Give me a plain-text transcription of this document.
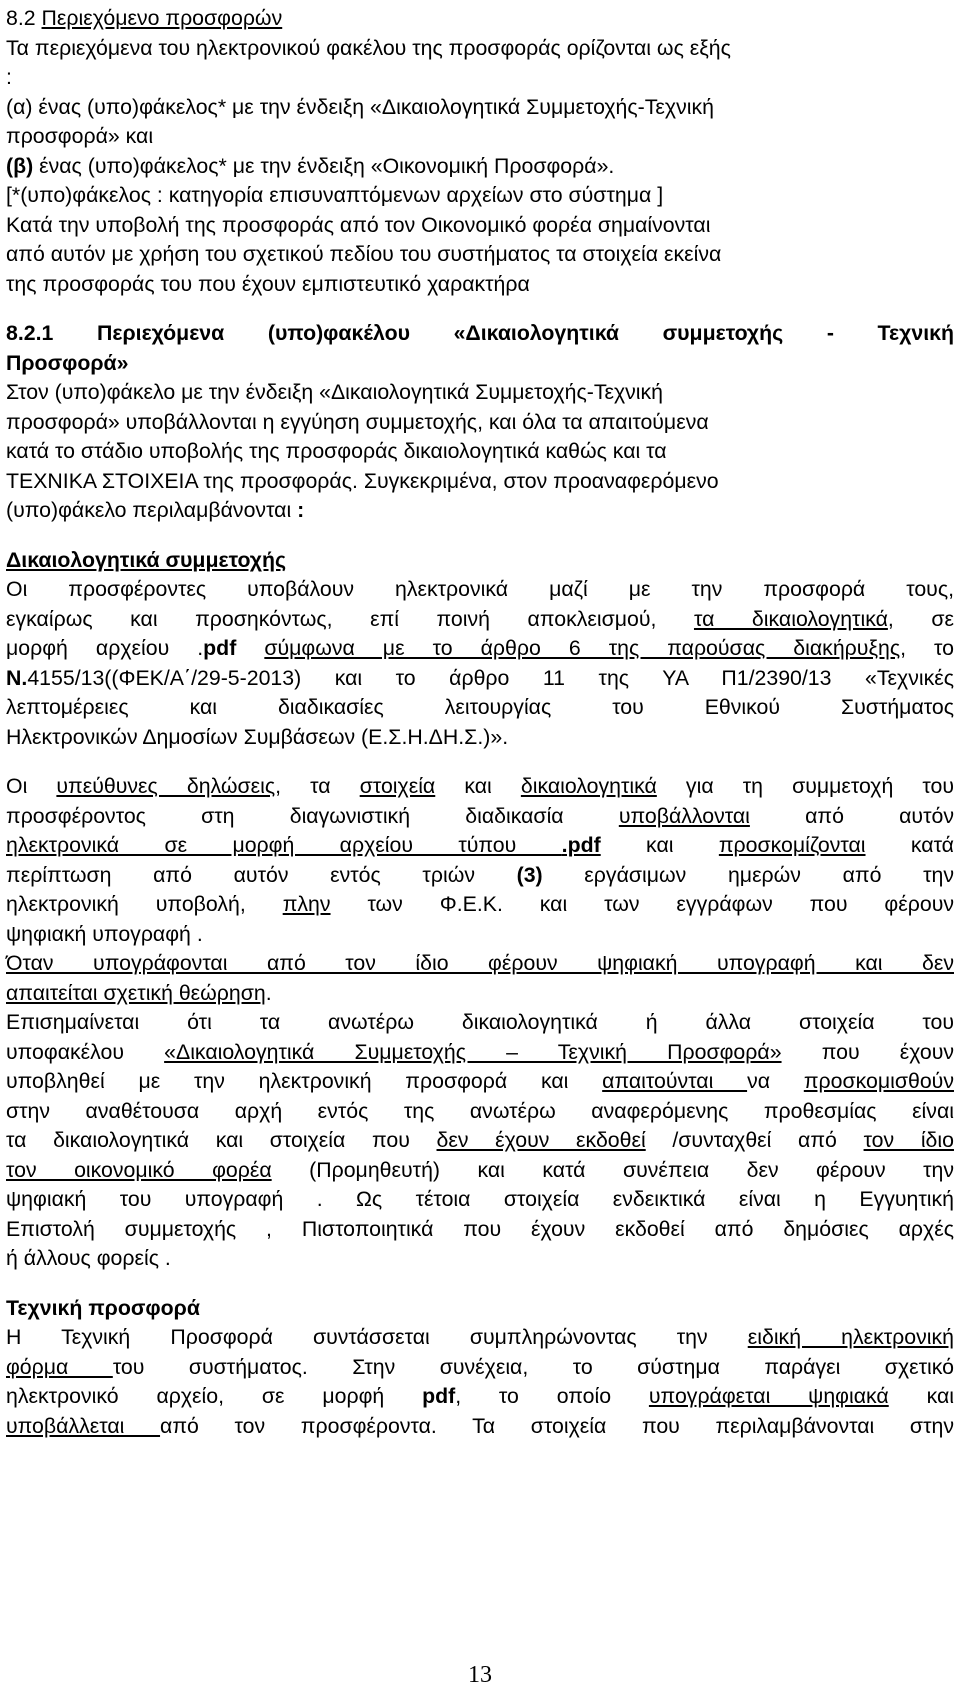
8.2 Περιεχόμενο προσφορών
Τα περιεχόμενα του ηλεκτρονικού φακέλου της προσφοράς ορίζονται ως εξής
:
(α) ένας (υπο)φάκελος* με την ένδειξη «Δικαιολογητικά Συμμετοχής-Τεχνική
προσφορά» και
(β) ένας (υπο)φάκελος* με την ένδειξη «Οικονομική Προσφορά».
[*(υπο)φάκελος : κατηγορία επισυναπτόμενων αρχείων στο σύστημα ]
Κατά την υποβολή της προσφοράς από τον Οικονομικό φορέα σημαίνονται
από αυτόν με χρήση του σχετικού πεδίου του συστήματος τα στοιχεία εκείνα
της προσφοράς του που έχουν εμπιστευτικό χαρακτήρα
8.2.1 Περιεχόμενα (υπο)φακέλου «Δικαιολογητικά συμμετοχής - Τεχνική
Προσφορά»
Στον (υπο)φάκελο με την ένδειξη «Δικαιολογητικά Συμμετοχής-Τεχνική
προσφορά» υποβάλλονται η εγγύηση συμμετοχής, και όλα τα απαιτούμενα
κατά το στάδιο υποβολής της προσφοράς δικαιολογητικά καθώς και τα
ΤΕΧΝΙΚΑ ΣΤΟΙΧΕΙΑ της προσφοράς. Συγκεκριμένα, στον προαναφερόμενο
(υπο)φάκελο περιλαμβάνονται :
Δικαιολογητικά συμμετοχής
Οι προσφέροντες υποβάλουν ηλεκτρονικά μαζί με την προσφορά τους,
εγκαίρως και προσηκόντως, επί ποινή αποκλεισμού, τα δικαιολογητικά, σε
μορφή αρχείου .pdf σύμφωνα με το άρθρο 6 της παρούσας διακήρυξης, το
Ν.4155/13((ΦΕΚ/Α΄/29-5-2013) και το άρθρο 11 της ΥΑ Π1/2390/13 «Τεχνικές
λεπτομέρειες και διαδικασίες λειτουργίας του Εθνικού Συστήματος
Ηλεκτρονικών Δημοσίων Συμβάσεων (Ε.Σ.Η.ΔΗ.Σ.)».
Οι υπεύθυνες δηλώσεις, τα στοιχεία και δικαιολογητικά για τη συμμετοχή του
προσφέροντος στη διαγωνιστική διαδικασία υποβάλλονται από αυτόν
ηλεκτρονικά σε μορφή αρχείου τύπου .pdf και προσκομίζονται κατά
περίπτωση από αυτόν εντός τριών (3) εργάσιμων ημερών από την
ηλεκτρονική υποβολή, πλην των Φ.Ε.Κ. και των εγγράφων που φέρουν
ψηφιακή υπογραφή .
Όταν υπογράφονται από τον ίδιο φέρουν ψηφιακή υπογραφή και δεν
απαιτείται σχετική θεώρηση.
Επισημαίνεται ότι τα ανωτέρω δικαιολογητικά ή άλλα στοιχεία του
υποφακέλου «Δικαιολογητικά Συμμετοχής – Τεχνική Προσφορά» που έχουν
υποβληθεί με την ηλεκτρονική προσφορά και απαιτούνται να προσκομισθούν
στην αναθέτουσα αρχή εντός της ανωτέρω αναφερόμενης προθεσμίας είναι
τα δικαιολογητικά και στοιχεία που δεν έχουν εκδοθεί /συνταχθεί από τον ίδιο
τον οικονομικό φορέα (Προμηθευτή) και κατά συνέπεια δεν φέρουν την
ψηφιακή του υπογραφή . Ως τέτοια στοιχεία ενδεικτικά είναι η Εγγυητική
Επιστολή συμμετοχής , Πιστοποιητικά που έχουν εκδοθεί από δημόσιες αρχές
ή άλλους φορείς .
Τεχνική προσφορά
Η Τεχνική Προσφορά συντάσσεται συμπληρώνοντας την ειδική ηλεκτρονική
φόρμα του συστήματος. Στην συνέχεια, το σύστημα παράγει σχετικό
ηλεκτρονικό αρχείο, σε μορφή pdf, το οποίο υπογράφεται ψηφιακά και
υποβάλλεται από τον προσφέροντα. Τα στοιχεία που περιλαμβάνονται στην
13
